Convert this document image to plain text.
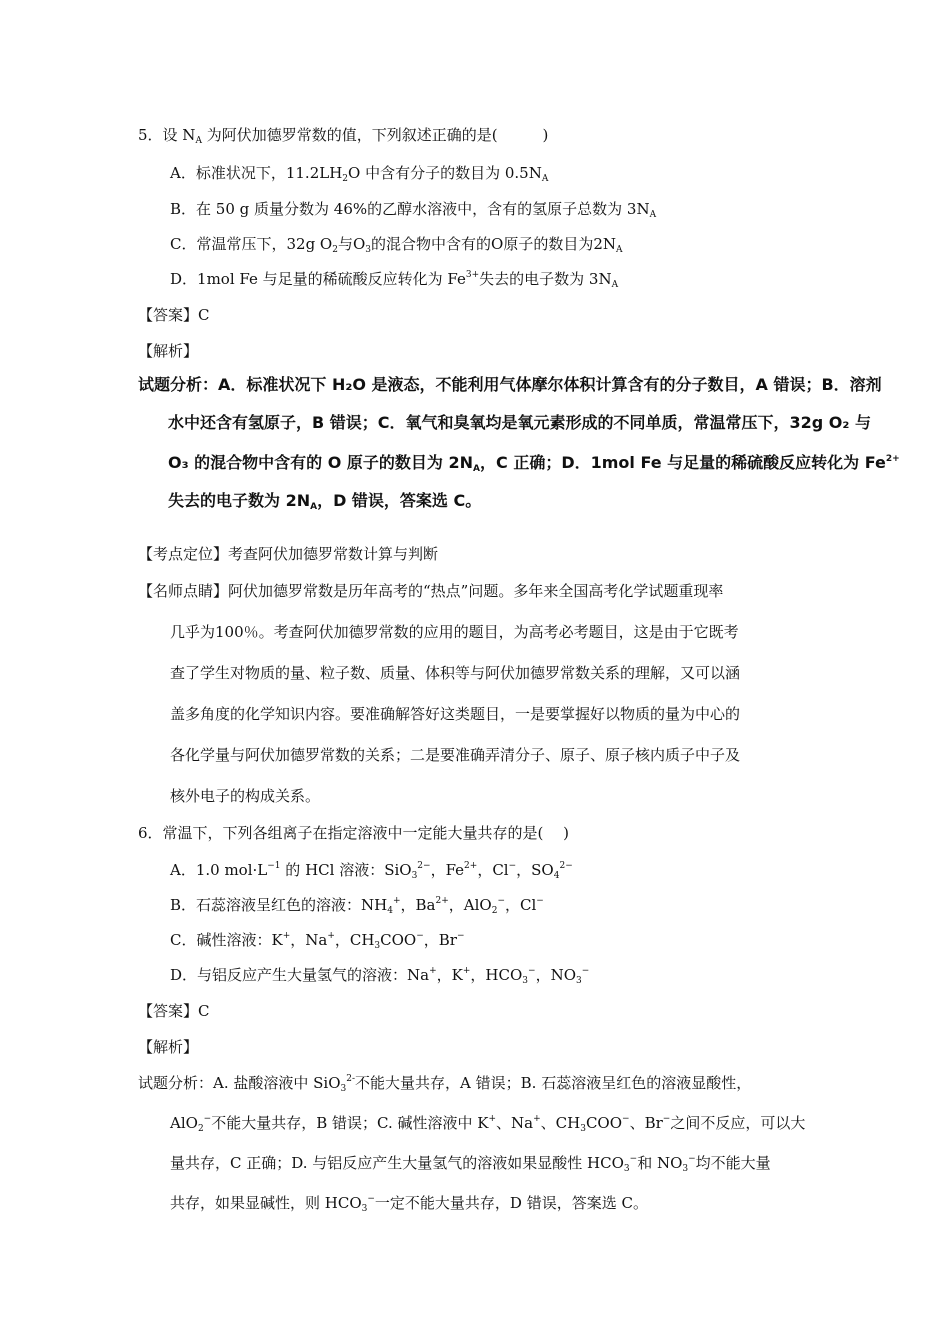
5．设 $N_A$ 为阿伏加德罗常数的值，下列叙述正确的是(　　　)
A．标准状况下，$11.2LH_2O$ 中含有分子的数目为 $0.5N_A$
B．在 50 g 质量分数为 46%的乙醇水溶液中，含有的氢原子总数为 $3N_A$
C．常温常压下，32g $O_2$与$O_3$的混合物中含有的O原子的数目为$2N_A$
D．1mol Fe 与足量的稀硫酸反应转化为 $Fe^{3+}$失去的电子数为 $3N_A$
【答案】C
【解析】
试题分析：A．标准状况下 H₂O 是液态，不能利用气体摩尔体积计算含有的分子数目，A 错误；B．溶剂
水中还含有氢原子，B 错误；C．氧气和臭氧均是氧元素形成的不同单质，常温常压下，32g O₂ 与
O₃ 的混合物中含有的 O 原子的数目为 $2N_A$，C 正确；D．1mol Fe 与足量的稀硫酸反应转化为 $Fe^{2+}$
失去的电子数为 $2N_A$，D 错误，答案选 C。
【考点定位】考查阿伏加德罗常数计算与判断
【名师点睛】阿伏加德罗常数是历年高考的“热点”问题。多年来全国高考化学试题重现率
几乎为100％。考查阿伏加德罗常数的应用的题目，为高考必考题目，这是由于它既考
查了学生对物质的量、粒子数、质量、体积等与阿伏加德罗常数关系的理解，又可以涵
盖多角度的化学知识内容。要准确解答好这类题目，一是要掌握好以物质的量为中心的
各化学量与阿伏加德罗常数的关系；二是要准确弄清分子、原子、原子核内质子中子及
核外电子的构成关系。
6．常温下，下列各组离子在指定溶液中一定能大量共存的是(　 )
A．1.0 $mol\cdot L^{-1}$ 的 HCl 溶液：SiO$_3^{2-}$，$Fe^{2+}$，Cl−，$SO_4^{2-}$
B．石蕊溶液呈红色的溶液：$NH_4^+$，$Ba^{2+}$，AlO$_2$−，Cl−
C．碱性溶液：K+，Na+，$CH_3COO^-$，Br−
D．与铝反应产生大量氢气的溶液：Na+，K+，$HCO_3^-$，$NO_3^-$
【答案】C
【解析】
试题分析：A. 盐酸溶液中 SiO$_3^{2-}$不能大量共存，A 错误；B. 石蕊溶液呈红色的溶液显酸性，
AlO$_2$−不能大量共存，B 错误；C. 碱性溶液中 K+、Na+、$CH_3COO^-$、Br−之间不反应，可以大
量共存，C 正确；D. 与铝反应产生大量氢气的溶液如果显酸性 $HCO_3^-$和 $NO_3^-$均不能大量
共存，如果显碱性，则 $HCO_3^-$一定不能大量共存，D 错误，答案选 C。
